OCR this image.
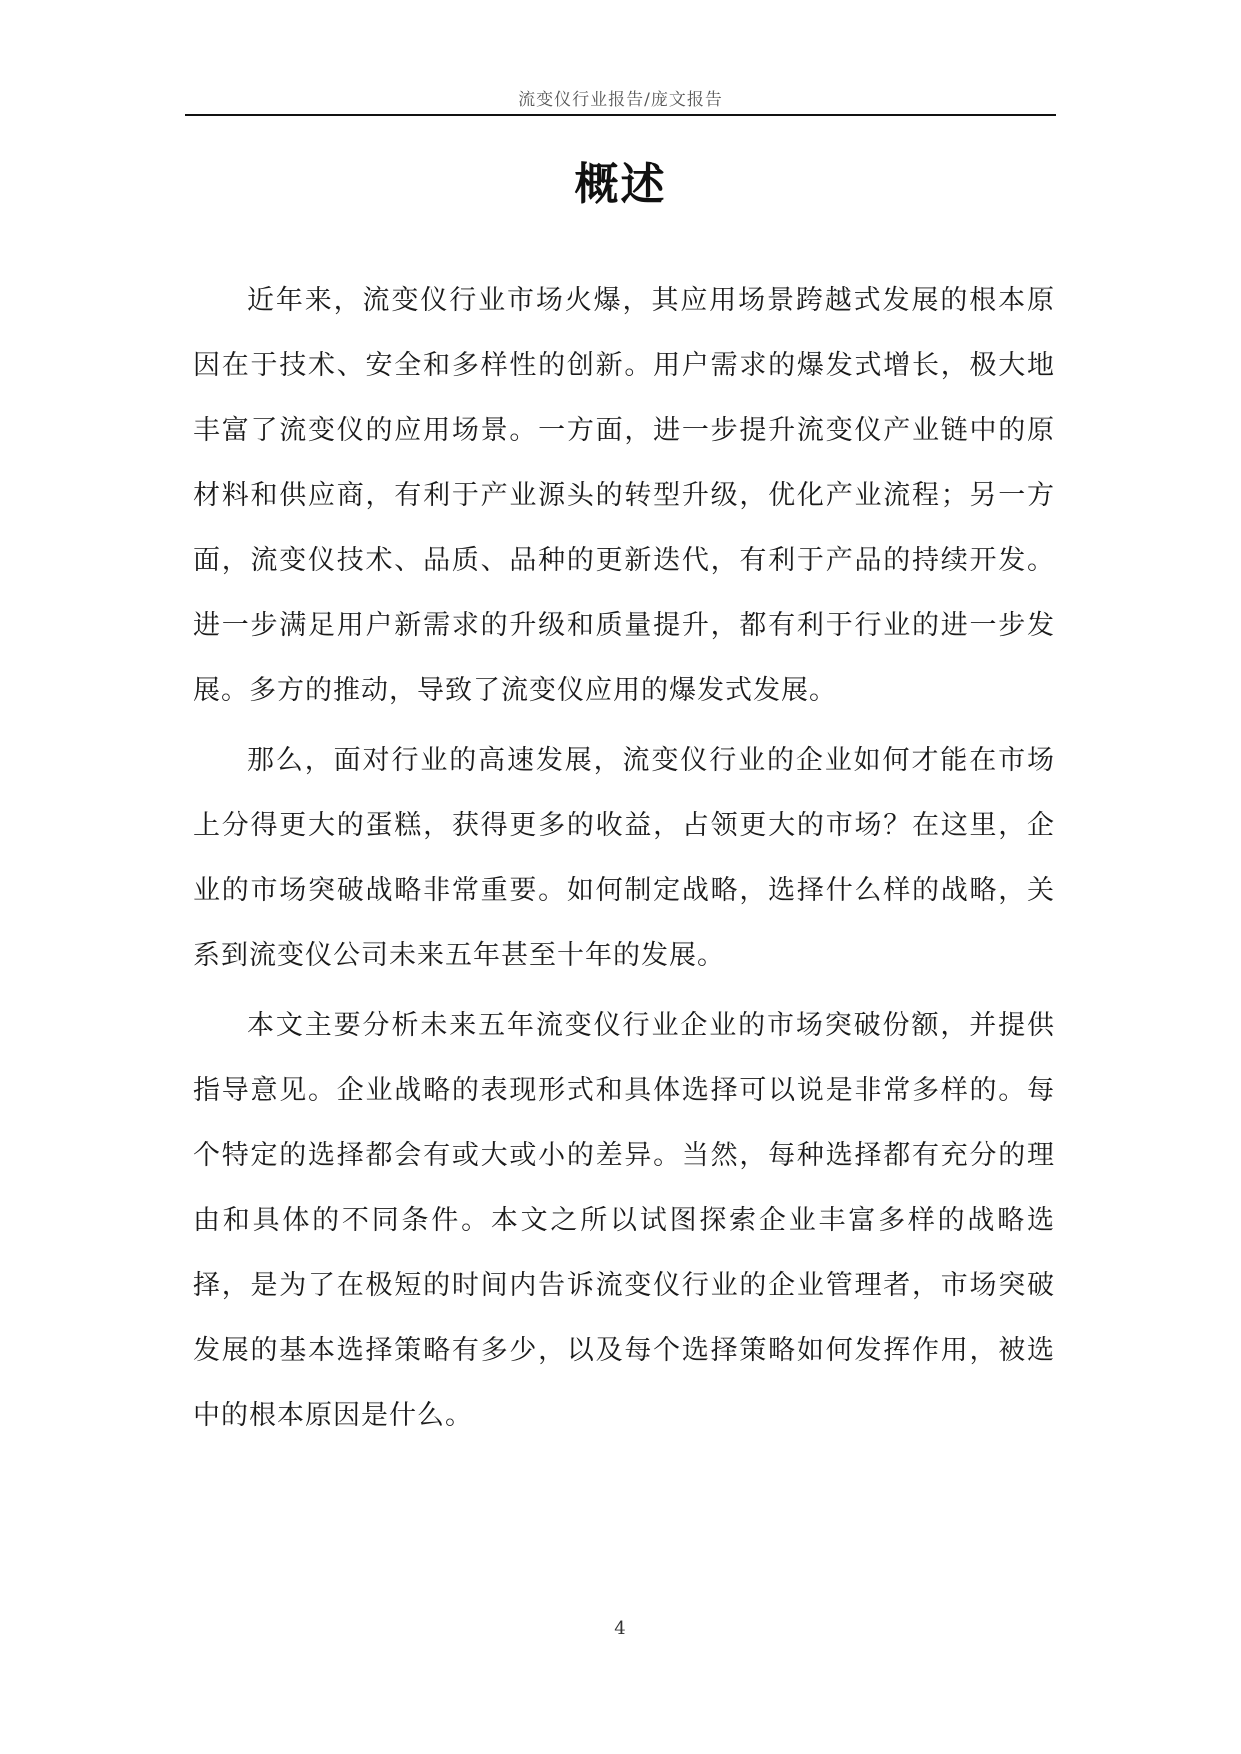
流变仪行业报告/庞文报告
概述

近年来，流变仪行业市场火爆，其应用场景跨越式发展的根本原因在于技术、安全和多样性的创新。用户需求的爆发式增长，极大地丰富了流变仪的应用场景。一方面，进一步提升流变仪产业链中的原材料和供应商，有利于产业源头的转型升级，优化产业流程；另一方面，流变仪技术、品质、品种的更新迭代，有利于产品的持续开发。进一步满足用户新需求的升级和质量提升，都有利于行业的进一步发展。多方的推动，导致了流变仪应用的爆发式发展。

那么，面对行业的高速发展，流变仪行业的企业如何才能在市场上分得更大的蛋糕，获得更多的收益，占领更大的市场？在这里，企业的市场突破战略非常重要。如何制定战略，选择什么样的战略，关系到流变仪公司未来五年甚至十年的发展。

本文主要分析未来五年流变仪行业企业的市场突破份额，并提供指导意见。企业战略的表现形式和具体选择可以说是非常多样的。每个特定的选择都会有或大或小的差异。当然，每种选择都有充分的理由和具体的不同条件。本文之所以试图探索企业丰富多样的战略选择，是为了在极短的时间内告诉流变仪行业的企业管理者，市场突破发展的基本选择策略有多少，以及每个选择策略如何发挥作用，被选中的根本原因是什么。

4
